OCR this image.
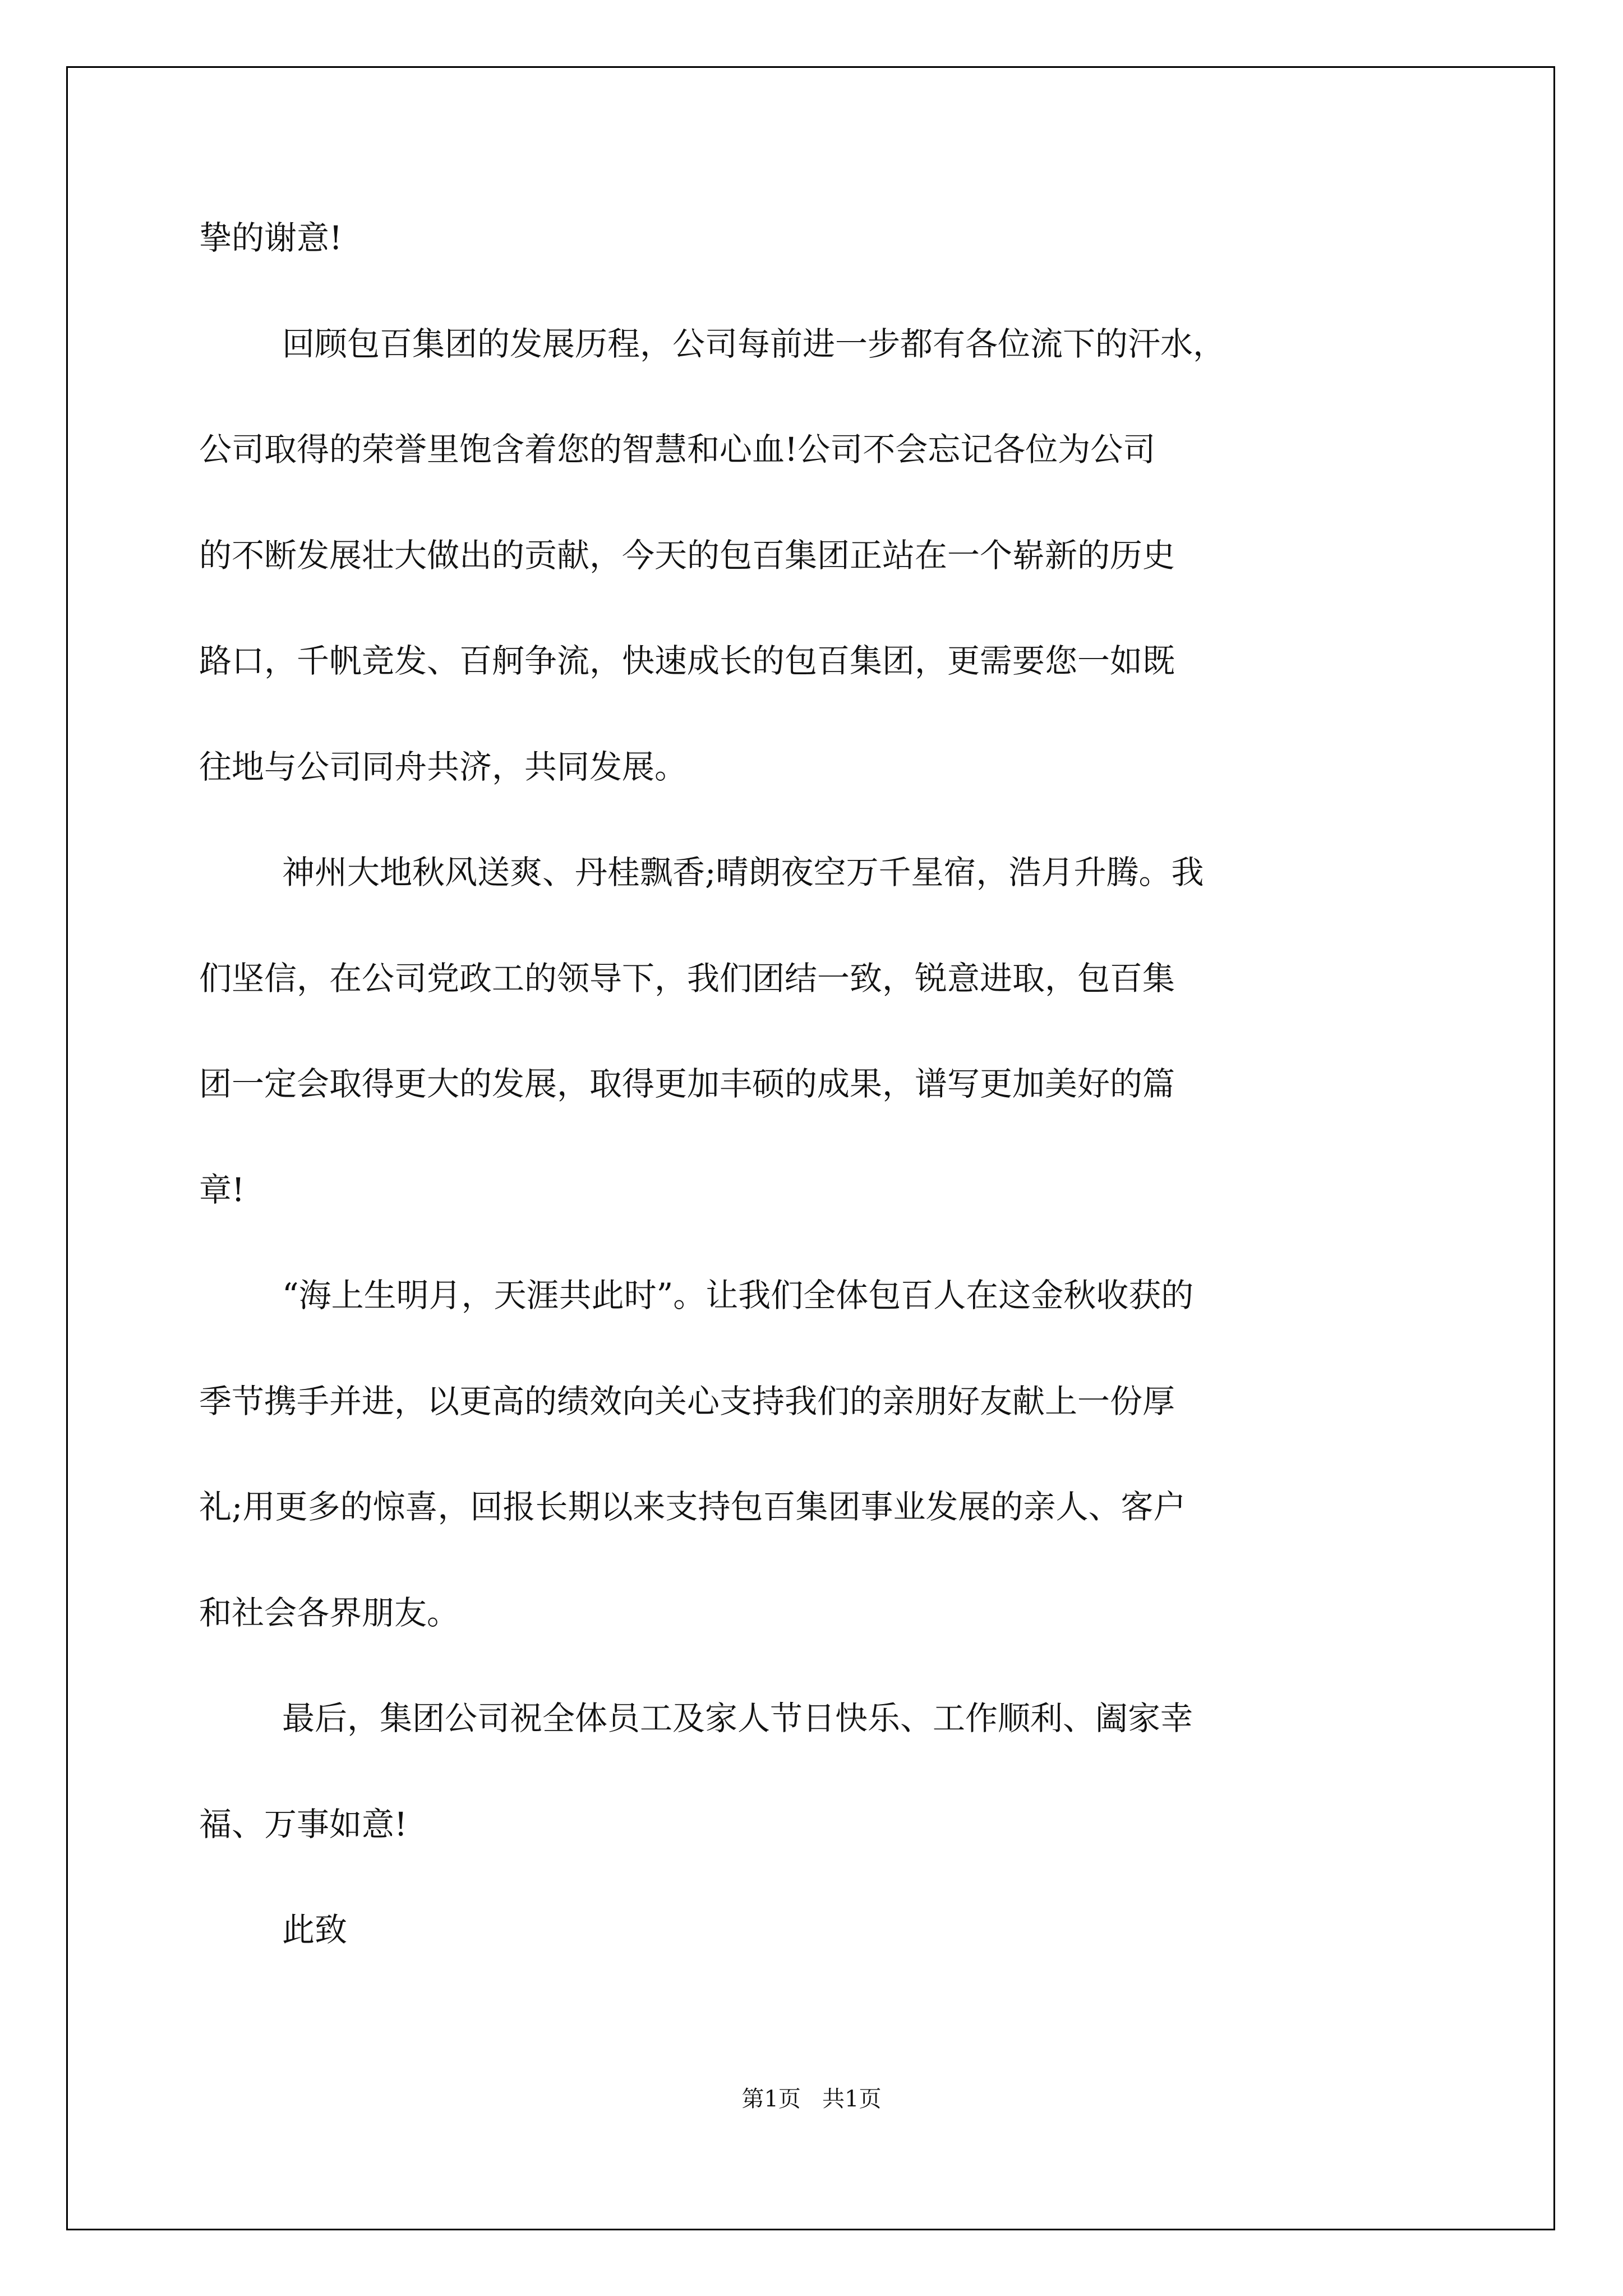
挚的谢意!

回顾包百集团的发展历程，公司每前进一步都有各位流下的汗水，

公司取得的荣誉里饱含着您的智慧和心血!公司不会忘记各位为公司

的不断发展壮大做出的贡献，今天的包百集团正站在一个崭新的历史

路口，千帆竞发、百舸争流，快速成长的包百集团，更需要您一如既

往地与公司同舟共济，共同发展。

神州大地秋风送爽、丹桂飘香;晴朗夜空万千星宿，浩月升腾。我

们坚信，在公司党政工的领导下，我们团结一致，锐意进取，包百集

团一定会取得更大的发展，取得更加丰硕的成果，谱写更加美好的篇

章!

“海上生明月，天涯共此时”。让我们全体包百人在这金秋收获的

季节携手并进，以更高的绩效向关心支持我们的亲朋好友献上一份厚

礼;用更多的惊喜，回报长期以来支持包百集团事业发展的亲人、客户

和社会各界朋友。

最后，集团公司祝全体员工及家人节日快乐、工作顺利、阖家幸

福、万事如意!

此致

第1页   共1页
